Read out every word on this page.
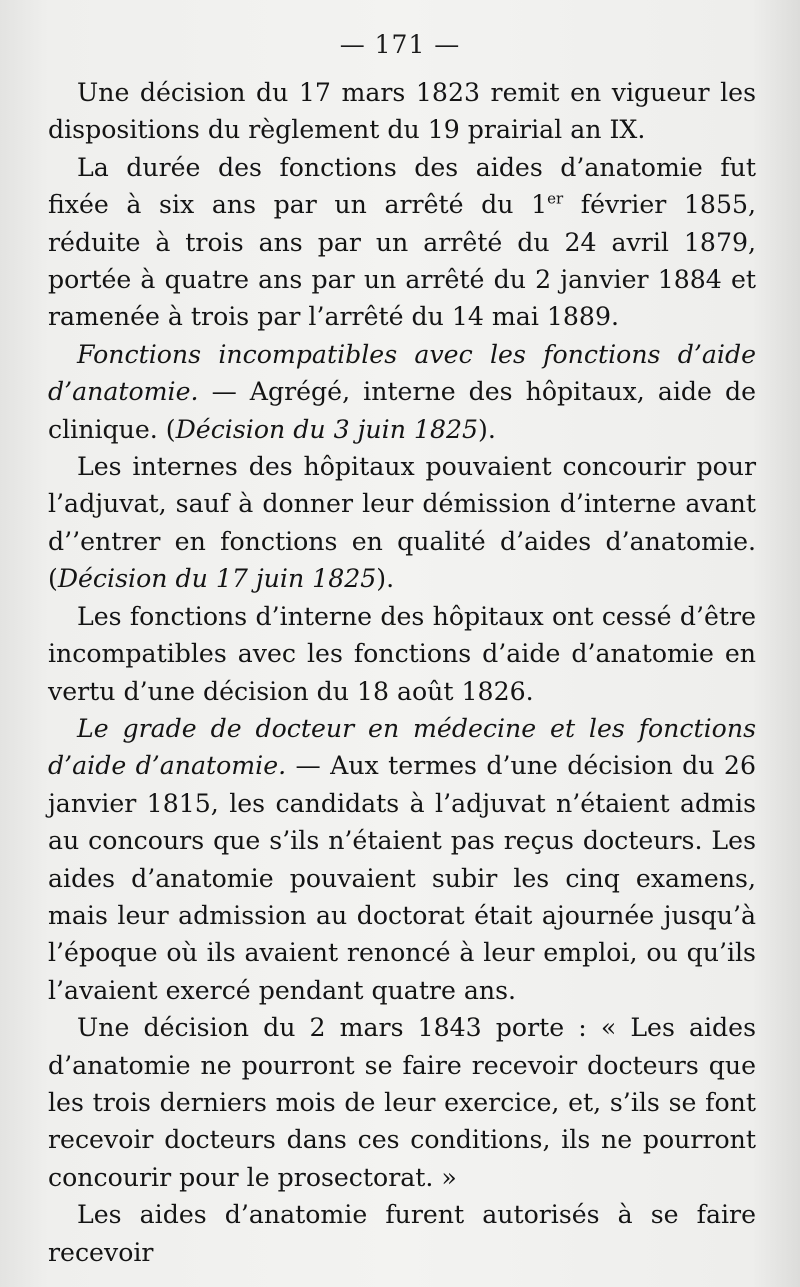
— 171 —

Une décision du 17 mars 1823 remit en vigueur les dispositions du règlement du 19 prairial an IX.

La durée des fonctions des aides d’anatomie fut fixée à six ans par un arrêté du 1er février 1855, réduite à trois ans par un arrêté du 24 avril 1879, portée à quatre ans par un arrêté du 2 janvier 1884 et ramenée à trois par l’arrêté du 14 mai 1889.

Fonctions incompatibles avec les fonctions d’aide d’anatomie. — Agrégé, interne des hôpitaux, aide de clinique. (Décision du 3 juin 1825).

Les internes des hôpitaux pouvaient concourir pour l’adjuvat, sauf à donner leur démission d’interne avant d’’entrer en fonctions en qualité d’aides d’anatomie. (Décision du 17 juin 1825).

Les fonctions d’interne des hôpitaux ont cessé d’être incompatibles avec les fonctions d’aide d’anatomie en vertu d’une décision du 18 août 1826.

Le grade de docteur en médecine et les fonctions d’aide d’anatomie. — Aux termes d’une décision du 26 janvier 1815, les candidats à l’adjuvat n’étaient admis au concours que s’ils n’étaient pas reçus docteurs. Les aides d’anatomie pouvaient subir les cinq examens, mais leur admission au doctorat était ajournée jusqu’à l’époque où ils avaient renoncé à leur emploi, ou qu’ils l’avaient exercé pendant quatre ans.

Une décision du 2 mars 1843 porte : « Les aides d’anatomie ne pourront se faire recevoir docteurs que les trois derniers mois de leur exercice, et, s’ils se font recevoir docteurs dans ces conditions, ils ne pourront concourir pour le prosectorat. »

Les aides d’anatomie furent autorisés à se faire recevoir
